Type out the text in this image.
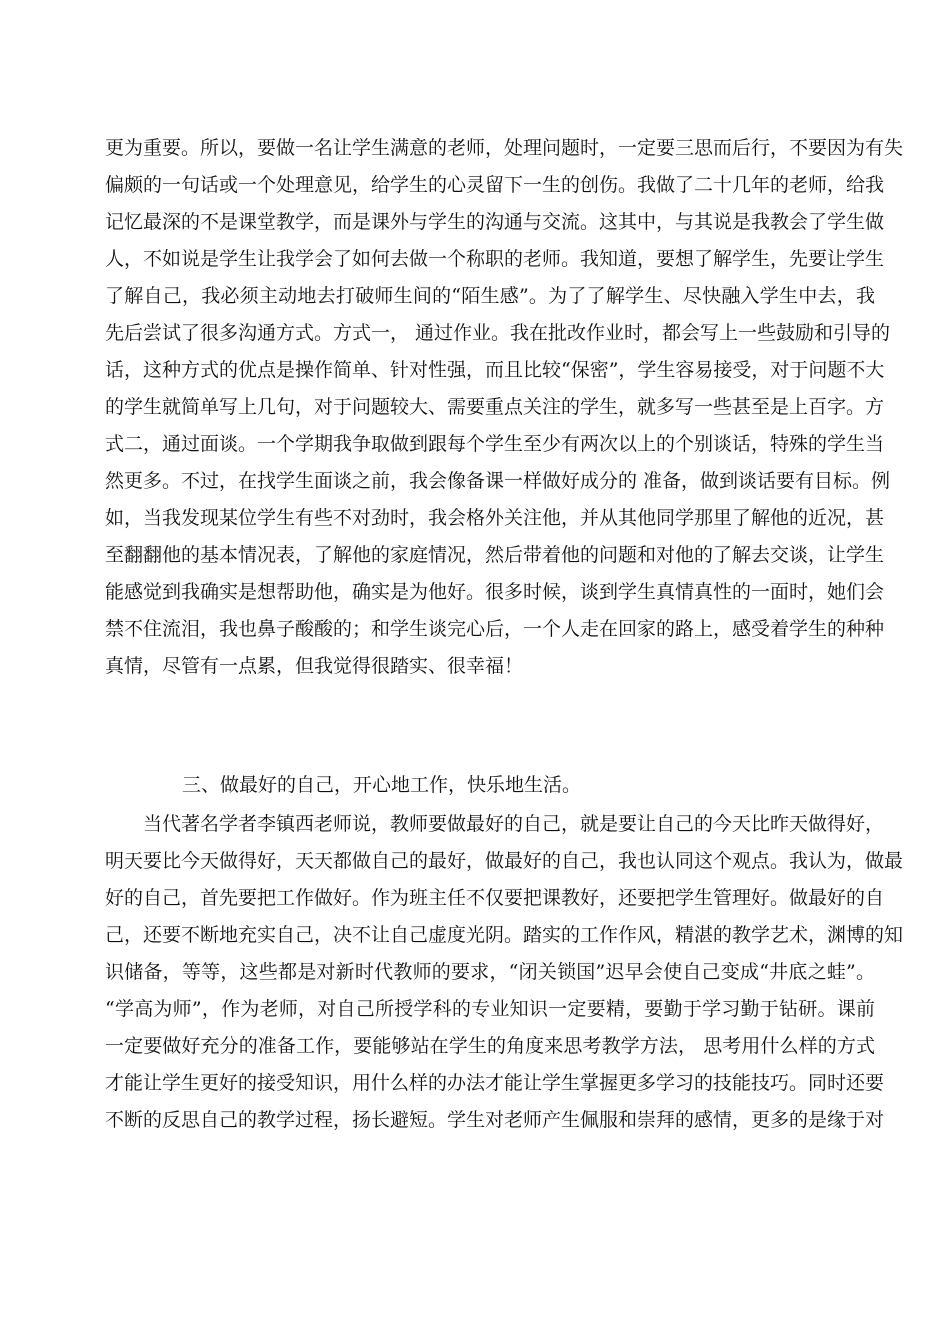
更为重要。所以，要做一名让学生满意的老师，处理问题时，一定要三思而后行，不要因为有失
偏颇的一句话或一个处理意见，给学生的心灵留下一生的创伤。我做了二十几年的老师，给我
记忆最深的不是课堂教学，而是课外与学生的沟通与交流。这其中，与其说是我教会了学生做
人，不如说是学生让我学会了如何去做一个称职的老师。我知道，要想了解学生，先要让学生
了解自己，我必须主动地去打破师生间的“陌生感”。为了了解学生、尽快融入学生中去，我
先后尝试了很多沟通方式。方式一， 通过作业。我在批改作业时，都会写上一些鼓励和引导的
话，这种方式的优点是操作简单、针对性强，而且比较“保密”，学生容易接受，对于问题不大
的学生就简单写上几句，对于问题较大、需要重点关注的学生，就多写一些甚至是上百字。方
式二，通过面谈。一个学期我争取做到跟每个学生至少有两次以上的个别谈话，特殊的学生当
然更多。不过，在找学生面谈之前，我会像备课一样做好成分的 准备，做到谈话要有目标。例
如，当我发现某位学生有些不对劲时，我会格外关注他，并从其他同学那里了解他的近况，甚
至翻翻他的基本情况表，了解他的家庭情况，然后带着他的问题和对他的了解去交谈，让学生
能感觉到我确实是想帮助他，确实是为他好。很多时候，谈到学生真情真性的一面时，她们会
禁不住流泪，我也鼻子酸酸的；和学生谈完心后，一个人走在回家的路上，感受着学生的种种
真情，尽管有一点累，但我觉得很踏实、很幸福！

三、做最好的自己，开心地工作，快乐地生活。

　　当代著名学者李镇西老师说，教师要做最好的自己，就是要让自己的今天比昨天做得好，
明天要比今天做得好，天天都做自己的最好，做最好的自己，我也认同这个观点。我认为，做最
好的自己，首先要把工作做好。作为班主任不仅要把课教好，还要把学生管理好。做最好的自
己，还要不断地充实自己，决不让自己虚度光阴。踏实的工作作风，精湛的教学艺术，渊博的知
识储备，等等，这些都是对新时代教师的要求，“闭关锁国”迟早会使自己变成“井底之蛙”。
“学高为师”，作为老师，对自己所授学科的专业知识一定要精，要勤于学习勤于钻研。课前
一定要做好充分的准备工作，要能够站在学生的角度来思考教学方法， 思考用什么样的方式
才能让学生更好的接受知识，用什么样的办法才能让学生掌握更多学习的技能技巧。同时还要
不断的反思自己的教学过程，扬长避短。学生对老师产生佩服和崇拜的感情，更多的是缘于对
